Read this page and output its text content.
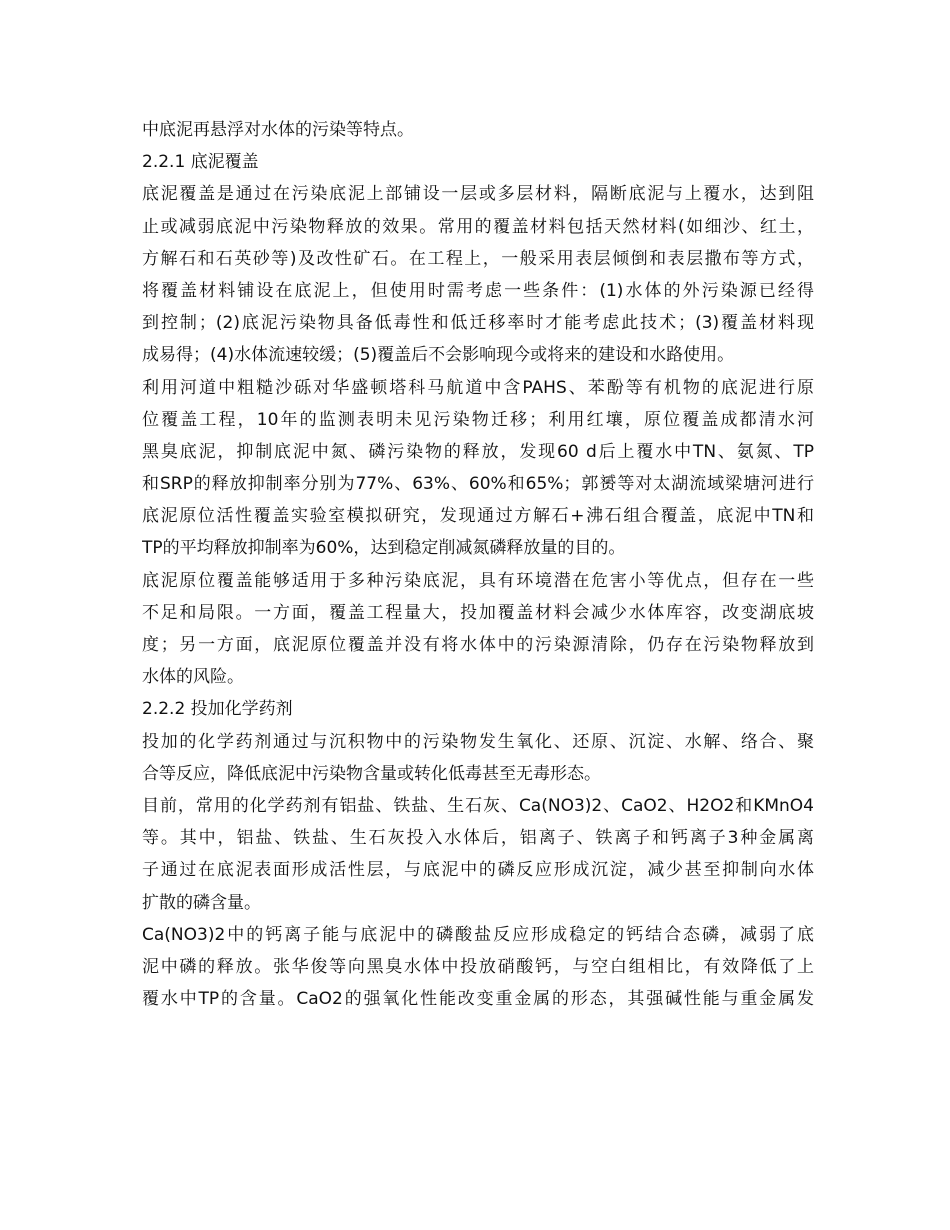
中底泥再悬浮对水体的污染等特点。
2.2.1 底泥覆盖
底泥覆盖是通过在污染底泥上部铺设一层或多层材料，隔断底泥与上覆水，达到阻
止或减弱底泥中污染物释放的效果。常用的覆盖材料包括天然材料(如细沙、红土，
方解石和石英砂等)及改性矿石。在工程上，一般采用表层倾倒和表层撒布等方式，
将覆盖材料铺设在底泥上，但使用时需考虑一些条件：(1)水体的外污染源已经得
到控制；(2)底泥污染物具备低毒性和低迁移率时才能考虑此技术；(3)覆盖材料现
成易得；(4)水体流速较缓；(5)覆盖后不会影响现今或将来的建设和水路使用。
利用河道中粗糙沙砾对华盛顿塔科马航道中含PAHS、苯酚等有机物的底泥进行原
位覆盖工程，10年的监测表明未见污染物迁移；利用红壤，原位覆盖成都清水河
黑臭底泥，抑制底泥中氮、磷污染物的释放，发现60 d后上覆水中TN、氨氮、TP
和SRP的释放抑制率分别为77%、63%、60%和65%；郭赟等对太湖流域梁塘河进行
底泥原位活性覆盖实验室模拟研究，发现通过方解石+沸石组合覆盖，底泥中TN和
TP的平均释放抑制率为60%，达到稳定削减氮磷释放量的目的。
底泥原位覆盖能够适用于多种污染底泥，具有环境潜在危害小等优点，但存在一些
不足和局限。一方面，覆盖工程量大，投加覆盖材料会减少水体库容，改变湖底坡
度；另一方面，底泥原位覆盖并没有将水体中的污染源清除，仍存在污染物释放到
水体的风险。
2.2.2 投加化学药剂
投加的化学药剂通过与沉积物中的污染物发生氧化、还原、沉淀、水解、络合、聚
合等反应，降低底泥中污染物含量或转化低毒甚至无毒形态。
目前，常用的化学药剂有铝盐、铁盐、生石灰、Ca(NO3)2、CaO2、H2O2和KMnO4
等。其中，铝盐、铁盐、生石灰投入水体后，铝离子、铁离子和钙离子3种金属离
子通过在底泥表面形成活性层，与底泥中的磷反应形成沉淀，减少甚至抑制向水体
扩散的磷含量。
Ca(NO3)2中的钙离子能与底泥中的磷酸盐反应形成稳定的钙结合态磷，减弱了底
泥中磷的释放。张华俊等向黑臭水体中投放硝酸钙，与空白组相比，有效降低了上
覆水中TP的含量。CaO2的强氧化性能改变重金属的形态，其强碱性能与重金属发
